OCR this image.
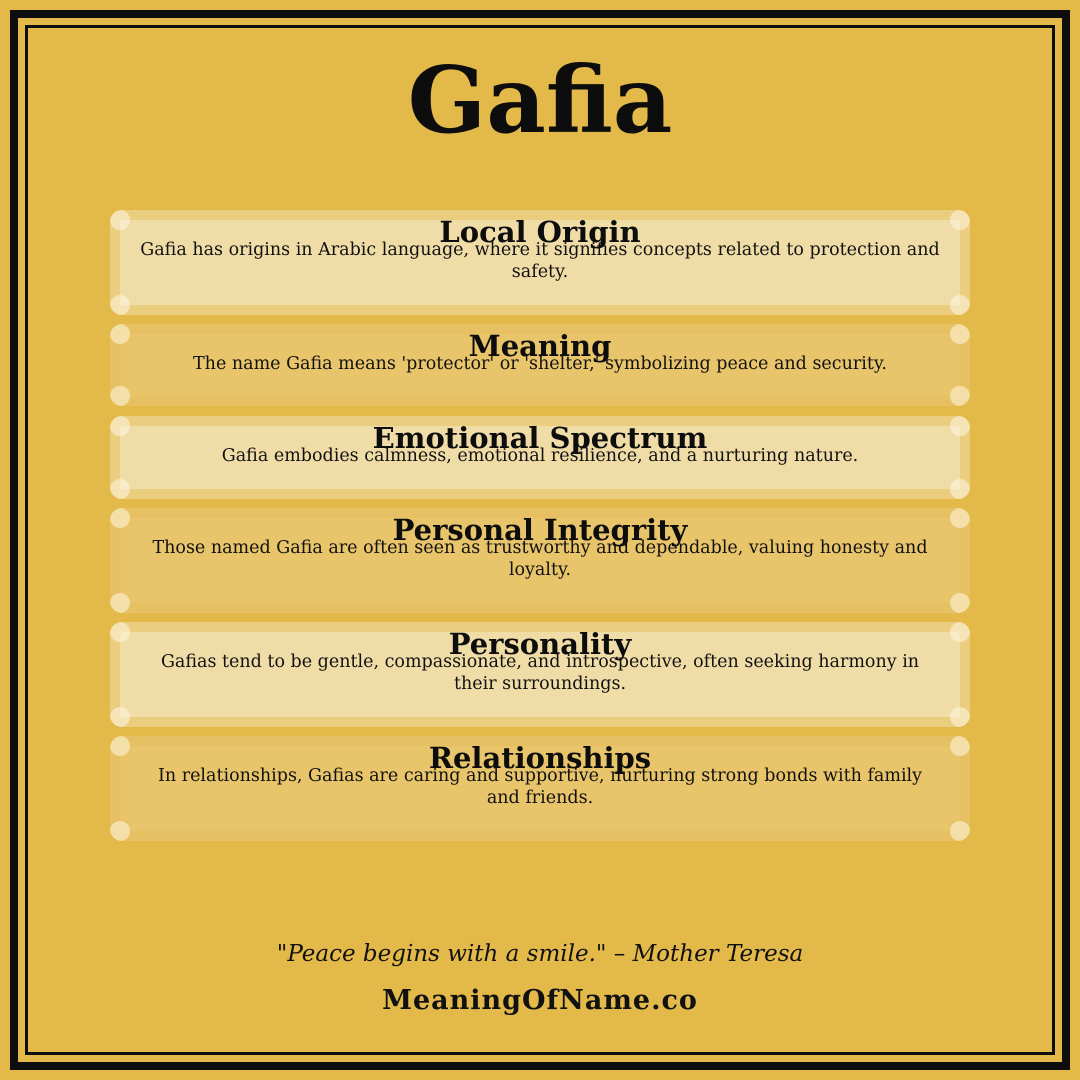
Gafia
Local Origin

Gafia has origins in Arabic language, where it signifies concepts related to protection and safety.

Meaning

The name Gafia means 'protector' or 'shelter,' symbolizing peace and security.

Emotional Spectrum

Gafia embodies calmness, emotional resilience, and a nurturing nature.

Personal Integrity

Those named Gafia are often seen as trustworthy and dependable, valuing honesty and loyalty.

Personality

Gafias tend to be gentle, compassionate, and introspective, often seeking harmony in their surroundings.

Relationships

In relationships, Gafias are caring and supportive, nurturing strong bonds with family and friends.

"Peace begins with a smile." – Mother Teresa
MeaningOfName.co
